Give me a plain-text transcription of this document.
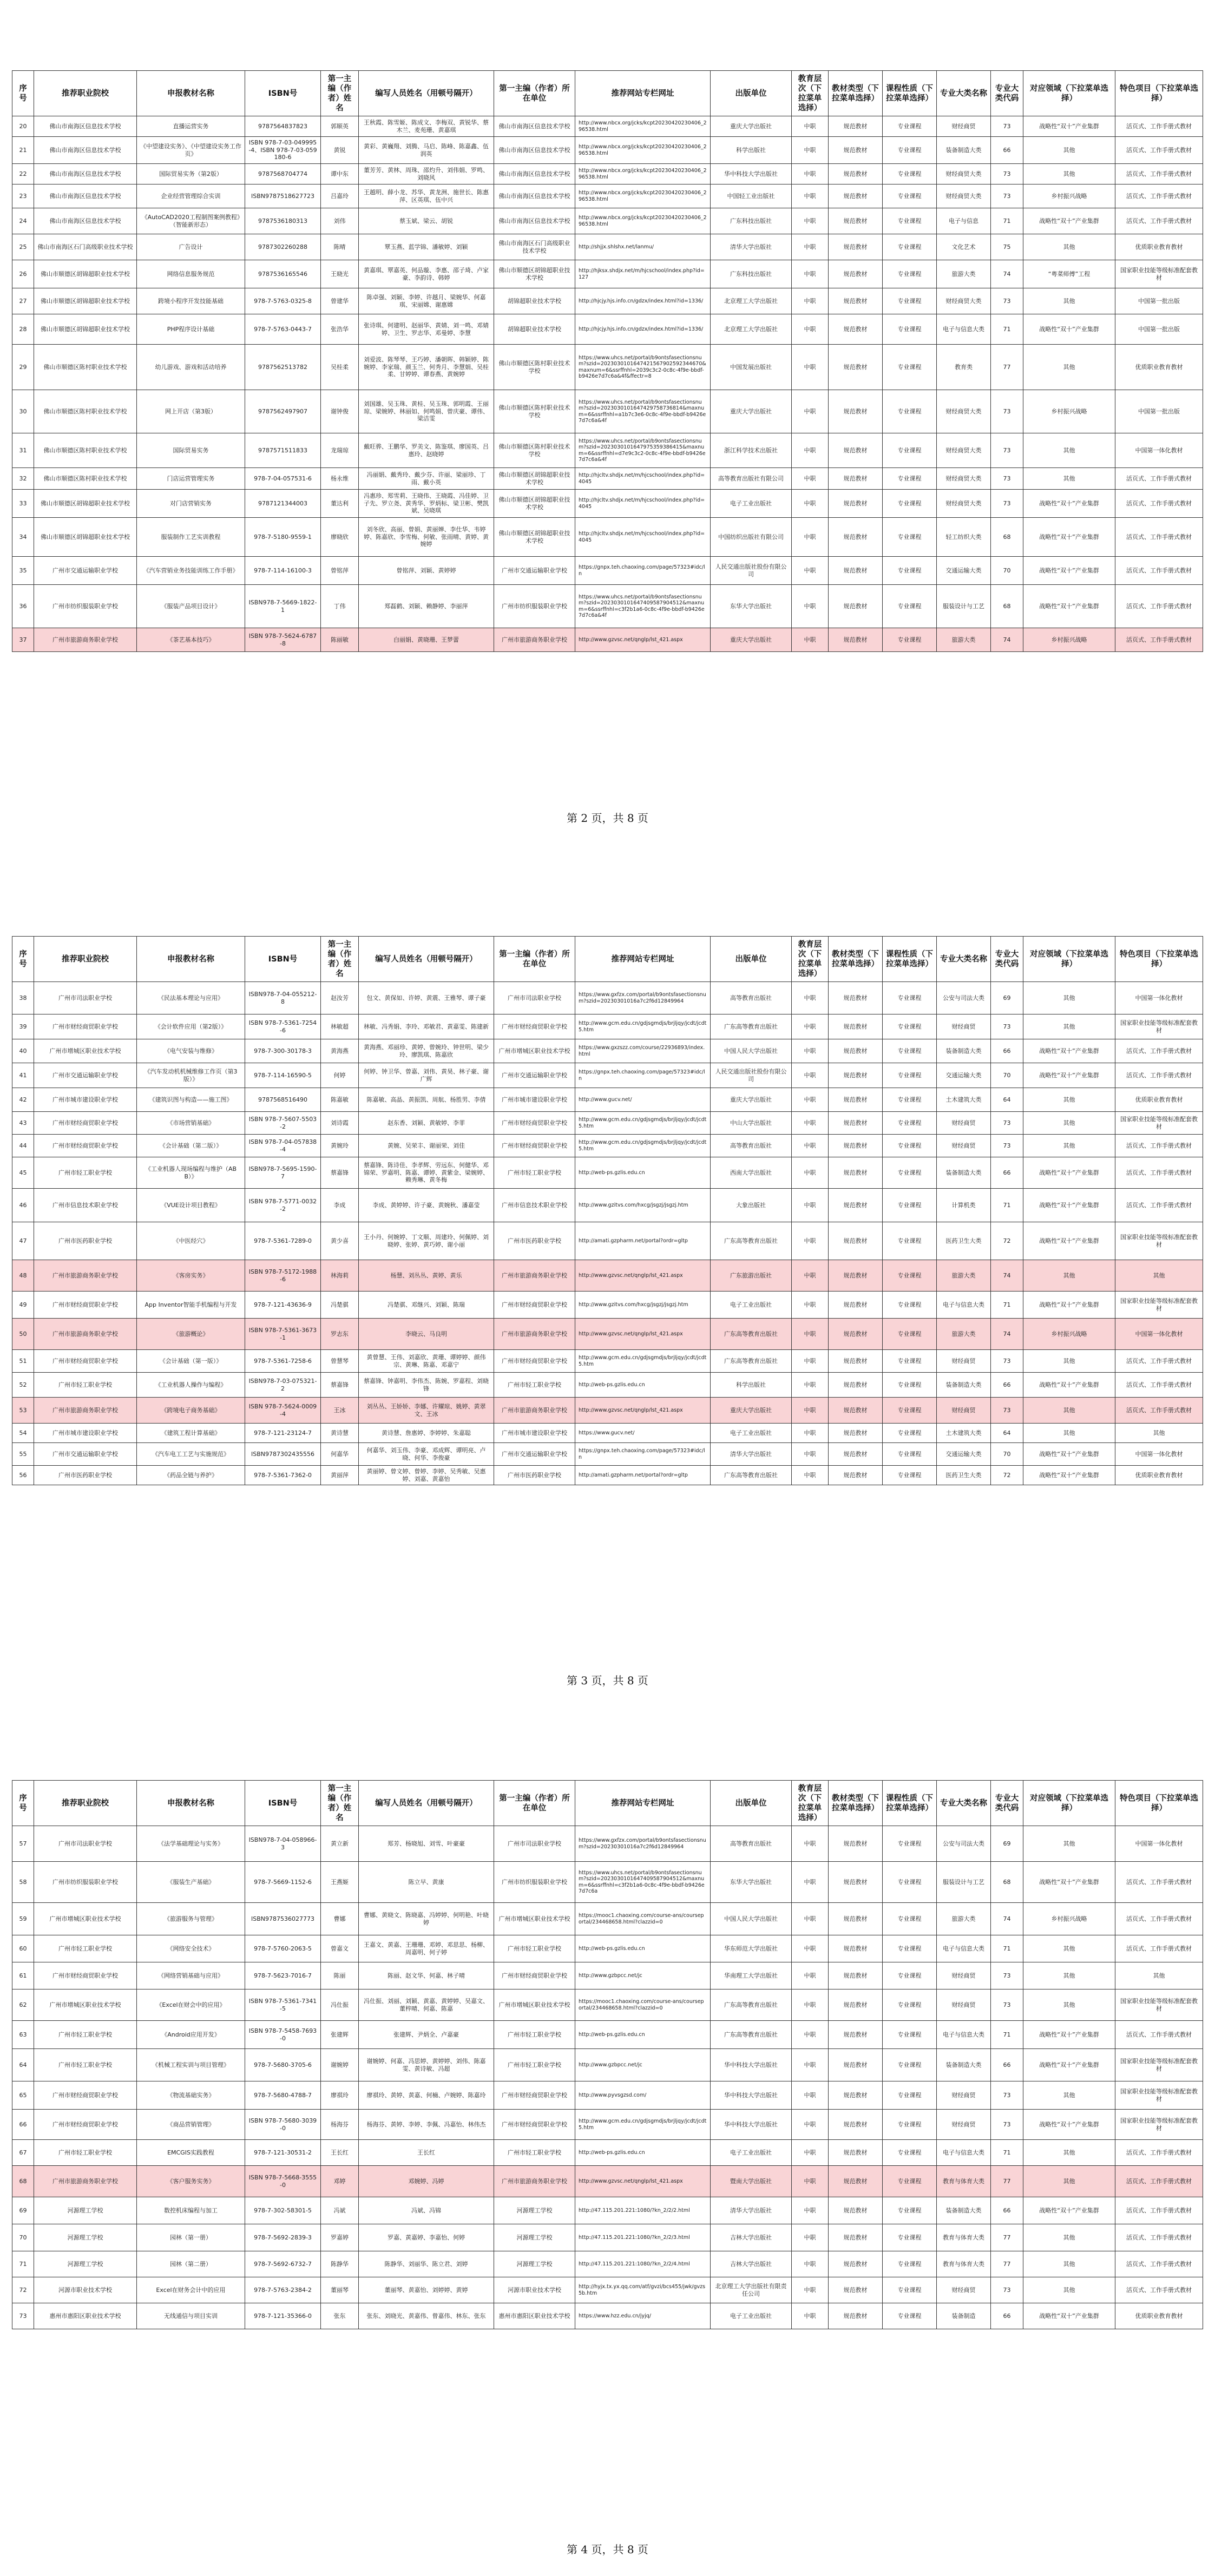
序号	推荐职业院校	申报教材名称	ISBN号	第一主编（作者）姓名	编写人员姓名（用顿号隔开）	第一主编（作者）所在单位	推荐网站专栏网址	出版单位	教育层次（下拉菜单选择）	教材类型（下拉菜单选择）	课程性质（下拉菜单选择）	专业大类名称	专业大类代码	对应领域（下拉菜单选择）	特色项目（下拉菜单选择）
20	佛山市南海区信息技术学校	直播运营实务	9787564837823	郭顺英	王秋霞、陈雪姬、陈成文、李梅双、黄锐华、蔡木兰、麦苑珊、黄嘉琪	佛山市南海区信息技术学校	http://www.nbcx.org/jcks/kcpt20230420230406_296538.html	重庆大学出版社	中职	规范教材	专业课程	财经商贸	73	战略性“双十”产业集群	活页式、工作手册式教材
21	佛山市南海区信息技术学校	《中望建设实务》、《中望建设实务工作页》	ISBN 978-7-03-049995-4、ISBN 978-7-03-059180-6	黄锐	黄彩、黄巍翔、刘腾、马启、陈峰、陈嘉鑫、伍润英	佛山市南海区信息技术学校	http://www.nbcx.org/jcks/kcpt20230420230406_296538.html	科学出版社	中职	规范教材	专业课程	装备制造大类	66	其他	活页式、工作手册式教材
22	佛山市南海区信息技术学校	国际贸易实务（第2版）	9787568704774	谭中东	董芳芳、黄林、周珠、邵灼升、刘伟娟、罗鸣、刘晓风	佛山市南海区信息技术学校	http://www.nbcx.org/jcks/kcpt20230420230406_296538.html	华中科技大学出版社	中职	规范教材	专业课程	财经商贸大类	73	其他	活页式、工作手册式教材
23	佛山市南海区信息技术学校	企业经营管理综合实训	ISBN9787518627723	吕嘉玲	王越明、薛小龙、苏华、黄龙洲、施世长、陈惠萍、区英琪、伍中兴	佛山市南海区信息技术学校	http://www.nbcx.org/jcks/kcpt20230420230406_296538.html	中国轻工业出版社	中职	规范教材	专业课程	财经商贸大类	73	乡村振兴战略	活页式、工作手册式教材
24	佛山市南海区信息技术学校	《AutoCAD2020工程制图案例教程》（智能新形态）	9787536180313	刘伟	蔡玉斌、梁云、胡锐	佛山市南海区信息技术学校	http://www.nbcx.org/jcks/kcpt20230420230406_296538.html	广东科技出版社	中职	规范教材	专业课程	电子与信息	71	战略性“双十”产业集群	活页式、工作手册式教材
25	佛山市南海区石门高级职业技术学校	广告设计	9787302260288	陈晴	覃玉燕、蓝学锦、潘敏婷、刘颖	佛山市南海区石门高级职业技术学校	http://shjjx.shlshx.net/lanmu/	清华大学出版社	中职	规范教材	专业课程	文化艺术	75	其他	优质职业教育教材
26	佛山市顺德区胡锦超职业技术学校	网络信息服务规范	9787536165546	王晓光	黄嘉琪、覃嘉英、何品璇、李惠、邵子琦、卢家豪、李韵诗、韩婷	佛山市顺德区胡锦超职业技术学校	http://hjksx.shdjx.net/m/hjcschool/index.php?id=127	广东科技出版社	中职	规范教材	专业课程	旅游大类	74	“粤菜师傅”工程	国家职业技能等级标准配套教材
27	佛山市顺德区胡锦超职业技术学校	跨境小程序开发技能基础	978-7-5763-0325-8	曾建华	陈卓强、刘颖、李婷、许越月、梁婉华、何嘉琪、宋丽嫦、谢惠嫦	胡锦超职业技术学校	http://hjcjy.hjs.info.cn/gdzx/index.html?id=1336/	北京理工大学出版社	中职	规范教材	专业课程	财经商贸大类	73	其他	中国第一批出版
28	佛山市顺德区胡锦超职业技术学校	PHP程序设计基础	978-7-5763-0443-7	张浩华	张诗琪、何建明、赵丽华、黄婧、刘一鸣、邓婧婷、卫生、罗志华、邓曼婷、李慧	胡锦超职业技术学校	http://hjcjy.hjs.info.cn/gdzx/index.html?id=1336/	北京理工大学出版社	中职	规范教材	专业课程	电子与信息大类	71	战略性“双十”产业集群	中国第一批出版
29	佛山市顺德区陈村职业技术学校	幼儿游戏、游戏和活动培养	9787562513782	吴桂柔	刘爱波、陈琴琴、王巧婷、潘朝晖、韩颖婷、陈婉婷、李家瑞、颜玉兰、何秀月、李慧娟、吴桂柔、甘婷婷、谭春燕、黄婉婷	佛山市顺德区陈村职业技术学校	https://www.uhcs.net/portal/b9ontsfasectionsnum?szid=2023030101647421567902592344670&maxnum=6&ssrffnhl=2039c3c2-0c8c-4f9e-bbdf-b9426e7d7c6a&4f&ffectr=8	中国发展出版社	中职	规范教材	专业课程	教育类	77	其他	优质职业教育教材
30	佛山市顺德区陈村职业技术学校	网上开店（第3版）	9787562497907	谢钟俊	刘国雄、吴玉珠、黄桂、吴玉珠、郭明霞、王丽琼、梁婉婷、林丽如、何鸣娟、曾庆豪、谭伟、梁洁雯	佛山市顺德区陈村职业技术学校	https://www.uhcs.net/portal/b9ontsfasectionsnum?szid=2023030101647429758736814&maxnum=6&ssrffnhl=a1b7c3e6-0c8c-4f9e-bbdf-b9426e7d7c6a&4f	重庆大学出版社	中职	规范教材	专业课程	财经商贸大类	73	乡村振兴战略	中国第一批出版
31	佛山市顺德区陈村职业技术学校	国际贸易实务	9787571511833	龙瑞琼	戴旺骅、王鹏华、罗美文、陈鉴琪、廖国英、吕惠玲、赵晓婷	佛山市顺德区陈村职业技术学校	https://www.uhcs.net/portal/b9ontsfasectionsnum?szid=2023030101647975359386415&maxnum=6&ssrffnhl=d7e9c3c2-0c8c-4f9e-bbdf-b9426e7d7c6a&4f	浙江科学技术出版社	中职	规范教材	专业课程	财经商贸大类	73	其他	中国第一体化教材
32	佛山市顺德区陈村职业技术学校	门店运营管理实务	978-7-04-057531-6	杨永维	冯丽娟、戴秀玲、戴少芬、许丽、梁丽珍、丁雨、戴小英	佛山市顺德区胡锦超职业技术学校	http://hjcltv.shdjx.net/m/hjcschool/index.php?id=4045	高等教育出版社有限公司	中职	规范教材	专业课程	财经商贸大类	73	其他	活页式、工作手册式教材
33	佛山市顺德区胡锦超职业技术学校	对门店营销实务	9787121344003	董达利	冯惠珍、郑雪莉、王晓伟、王晓霞、冯佳婷、卫子先、罗立尧、黄秀华、罗炳标、梁卫彬、樊凯斌、吴晓琪	佛山市顺德区胡锦超职业技术学校	http://hjcltv.shdjx.net/m/hjcschool/index.php?id=4045	电子工业出版社	中职	规范教材	专业课程	财经商贸大类	73	战略性“双十”产业集群	活页式、工作手册式教材
34	佛山市顺德区胡锦超职业技术学校	服装制作工艺实训教程	978-7-5180-9559-1	廖晓欣	刘冬欣、高丽、曾娟、黄丽婵、李仕华、韦婷婷、陈嘉欣、李雪梅、何敏、张雨晴、黄婷、黄婉婷	佛山市顺德区胡锦超职业技术学校	http://hjcltv.shdjx.net/m/hjcschool/index.php?id=4045	中国纺织出版社有限公司	中职	规范教材	专业课程	轻工纺织大类	68	战略性“双十”产业集群	活页式、工作手册式教材
35	广州市交通运输职业学校	《汽车营销业务技能训练工作手册》	978-7-114-16100-3	曾铭萍	曾铭萍、刘颖、黄婷婷	广州市交通运输职业学校	https://gnpx.teh.chaoxing.com/page/57323#idc/ln	人民交通出版社股份有限公司	中职	规范教材	专业课程	交通运输大类	70	战略性“双十”产业集群	活页式、工作手册式教材
36	广州市纺织服装职业学校	《服装产品项目设计》	ISBN978-7-5669-1822-1	丁伟	郑磊鹤、刘颖、赖静婷、李丽萍	广州市纺织服装职业学校	https://www.uhcs.net/portal/b9ontsfasectionsnum?szid=2023030101647409587904512&maxnum=6&ssrffnhl=c3f2b1a6-0c8c-4f9e-bbdf-b9426e7d7c6a&4f	东华大学出版社	中职	规范教材	专业课程	服装设计与工艺	68	战略性“双十”产业集群	活页式、工作手册式教材
37	广州市旅游商务职业学校	《茶艺基本技巧》	ISBN 978-7-5624-6787-8	陈丽敏	白丽娟、黄晓珊、王梦蕾	广州市旅游商务职业学校	http://www.gzvsc.net/qnglp/lst_421.aspx	重庆大学出版社	中职	规范教材	专业课程	旅游大类	74	乡村振兴战略	活页式、工作手册式教材
第 2 页，共 8 页
序号	推荐职业院校	申报教材名称	ISBN号	第一主编（作者）姓名	编写人员姓名（用顿号隔开）	第一主编（作者）所在单位	推荐网站专栏网址	出版单位	教育层次（下拉菜单选择）	教材类型（下拉菜单选择）	课程性质（下拉菜单选择）	专业大类名称	专业大类代码	对应领域（下拉菜单选择）	特色项目（下拉菜单选择）
38	广州市司法职业学校	《民法基本理论与应用》	ISBN978-7-04-055212-8	赵汝芳	包文、黄保如、许婷、黄震、王雅琴、谭子豪	广州市司法职业学校	https://www.gxfzx.com/portal/b9ontsfasectionsnum?szid=20230301016a7c2f6d12849964	高等教育出版社	中职	规范教材	专业课程	公安与司法大类	69	其他	中国第一体化教材
39	广州市财经商贸职业学校	《会计软件应用（第2版）》	ISBN 978-7-5361-7254-6	林敏超	林敏、冯秀娟、李玲、邓敏君、黄嘉雯、陈建新	广州市财经商贸职业学校	http://www.gcm.edu.cn/gdjsgmdjs/brjljqy/jcdt/jcdt5.htm	广东高等教育出版社	中职	规范教材	专业课程	财经商贸	73	其他	国家职业技能等级标准配套教材
40	广州市增城区职业技术学校	《电气安装与维修》	978-7-300-30178-3	黄海燕	黄海燕、邓丽珍、黄婷、曾婉玲、钟世明、梁少玲、廖凯琪、陈嘉欣	广州市增城区职业技术学校	https://www.gxzszz.com/course/22936893/index.html	中国人民大学出版社	中职	规范教材	专业课程	装备制造大类	66	战略性“双十”产业集群	活页式、工作手册式教材
41	广州市交通运输职业学校	《汽车发动机机械维修工作页（第3版）》	978-7-114-16590-5	何婷	何婷、钟卫华、曾嘉、刘伟、黄昊、林子豪、谢广辉	广州市交通运输职业学校	https://gnpx.teh.chaoxing.com/page/57323#idc/ln	人民交通出版社股份有限公司	中职	规范教材	专业课程	交通运输大类	70	战略性“双十”产业集群	活页式、工作手册式教材
42	广州市城市建设职业学校	《建筑识图与构造——施工图》	9787568516490	陈嘉敏	陈嘉敏、高晶、黄振凯、周航、杨胜男、李倩	广州市城市建设职业学校	http://www.gucv.net/	重庆大学出版社	中职	规范教材	专业课程	土木建筑大类	64	其他	优质职业教育教材
43	广州市财经商贸职业学校	《市场营销基础》	ISBN 978-7-5607-5503-2	刘诗霞	赵东香、刘颖、黄敏婷、李菲	广州市财经商贸职业学校	http://www.gcm.edu.cn/gdjsgmdjs/brjljqy/jcdt/jcdt5.htm	中山大学出版社	中职	规范教材	专业课程	财经商贸	73	其他	国家职业技能等级标准配套教材
44	广州市财经商贸职业学校	《会计基础（第二版）》	ISBN 978-7-04-057838-4	黄婉玲	黄婉、吴荣丰、谢丽荣、刘佳	广州市财经商贸职业学校	http://www.gcm.edu.cn/gdjsgmdjs/brjljqy/jcdt/jcdt5.htm	高等教育出版社	中职	规范教材	专业课程	财经商贸	73	其他	活页式、工作手册式教材
45	广州市轻工职业学校	《工业机器人现场编程与维护（ABB）》	ISBN978-7-5695-1590-7	蔡嘉锋	蔡嘉锋、陈诗佳、李孝辉、劳远东、何健华、邓锦荣、罗嘉明、陈嘉、谭婷、黄紫金、梁婉婷、赖秀琳、黄冬梅	广州市轻工职业学校	http://web-ps.gzlis.edu.cn	西南大学出版社	中职	规范教材	专业课程	装备制造大类	66	战略性“双十”产业集群	活页式、工作手册式教材
46	广州市信息技术职业学校	《VUE设计项目教程》	ISBN 978-7-5771-0032-2	李成	李成、黄婷婷、许子豪、黄婉秋、潘嘉莹	广州市信息技术职业学校	http://www.gzitvs.com/hxcg/jsgzj/jsgzj.htm	大象出版社	中职	规范教材	专业课程	计算机类	71	战略性“双十”产业集群	活页式、工作手册式教材
47	广州市医药职业学校	《中医经穴》	978-7-5361-7289-0	黄少喜	王小丹、何婉婷、丁文顺、周建玲、何佩婷、刘晓婷、张婷、黄巧婷、谢小丽	广州市医药职业学校	http://amati.gzpharm.net/portal?ordr=gltp	广东高等教育出版社	中职	规范教材	专业课程	医药卫生大类	72	战略性“双十”产业集群	国家职业技能等级标准配套教材
48	广州市旅游商务职业学校	《客房实务》	ISBN 978-7-5172-1988-6	林海莉	杨慧、刘丛丛、黄婷、黄乐	广州市旅游商务职业学校	http://www.gzvsc.net/qnglp/lst_421.aspx	广东旅游出版社	中职	规范教材	专业课程	旅游大类	74	其他	其他
49	广州市财经商贸职业学校	App Inventor智能手机编程与开发	978-7-121-43636-9	冯楚骐	冯楚骐、邓继兴、刘颖、陈瑞	广州市财经商贸职业学校	http://www.gzitvs.com/hxcg/jsgzj/jsgzj.htm	电子工业出版社	中职	规范教材	专业课程	电子与信息大类	71	战略性“双十”产业集群	国家职业技能等级标准配套教材
50	广州市旅游商务职业学校	《旅游概论》	ISBN 978-7-5361-3673-1	罗志东	李晓云、马良明	广州市旅游商务职业学校	http://www.gzvsc.net/qnglp/lst_421.aspx	广东高等教育出版社	中职	规范教材	专业课程	旅游大类	74	乡村振兴战略	中国第一体化教材
51	广州市财经商贸职业学校	《会计基础（第一版）》	978-7-5361-7258-6	曾慧琴	黄曾慧、王伟、刘嘉欣、黄珊、谭婷婷、颜伟宗、黄琳、陈嘉、邓嘉宁	广州市财经商贸职业学校	http://www.gcm.edu.cn/gdjsgmdjs/brjljqy/jcdt/jcdt5.htm	广东高等教育出版社	中职	规范教材	专业课程	财经商贸	73	其他	活页式、工作手册式教材
52	广州市轻工职业学校	《工业机器人操作与编程》	ISBN978-7-03-075321-2	蔡嘉锋	蔡嘉锋、钟嘉明、李伟杰、陈婉、罗嘉程、刘晓锋	广州市轻工职业学校	http://web-ps.gzlis.edu.cn	科学出版社	中职	规范教材	专业课程	装备制造大类	66	战略性“双十”产业集群	活页式、工作手册式教材
53	广州市旅游商务职业学校	《跨境电子商务基础》	ISBN 978-7-5624-0009-4	王冰	刘丛丛、王娇娇、李娜、许耀琼、姚婷、黄翠文、王冰	广州市旅游商务职业学校	http://www.gzvsc.net/qnglp/lst_421.aspx	重庆大学出版社	中职	规范教材	专业课程	财经商贸	73	其他	活页式、工作手册式教材
54	广州市城市建设职业学校	《建筑工程计算基础》	978-7-121-23124-7	黄诗慧	黄诗慧、詹惠婷、李婷婷、朱嘉聪	广州市城市建设职业学校	https://www.gucv.net/	电子工业出版社	中职	规范教材	专业课程	土木建筑大类	64	其他	其他
55	广州市交通运输职业学校	《汽车电工工艺与实施规范》	ISBN9787302435556	何嘉华	何嘉华、刘玉伟、李豪、邓成辉、谭明亮、卢晓、何华、李俊豪	广州市交通运输职业学校	https://gnpx.teh.chaoxing.com/page/57323#idc/ln	清华大学出版社	中职	规范教材	专业课程	交通运输大类	70	战略性“双十”产业集群	中国第一体化教材
56	广州市医药职业学校	《药品全链与养护》	978-7-5361-7362-0	黄丽萍	黄丽婷、曾文婷、曾婷、李婷、吴秀敏、吴惠婷、刘嘉、黄嘉怡	广州市医药职业学校	http://amati.gzpharm.net/portal?ordr=gltp	广东高等教育出版社	中职	规范教材	专业课程	医药卫生大类	72	战略性“双十”产业集群	优质职业教育教材
第 3 页，共 8 页
序号	推荐职业院校	申报教材名称	ISBN号	第一主编（作者）姓名	编写人员姓名（用顿号隔开）	第一主编（作者）所在单位	推荐网站专栏网址	出版单位	教育层次（下拉菜单选择）	教材类型（下拉菜单选择）	课程性质（下拉菜单选择）	专业大类名称	专业大类代码	对应领域（下拉菜单选择）	特色项目（下拉菜单选择）
57	广州市司法职业学校	《法学基础理论与实务》	ISBN978-7-04-058966-3	黄立新	郑芳、杨晓旭、刘雪、叶豪豪	广州市司法职业学校	https://www.gxfzx.com/portal/b9ontsfasectionsnum?szid=20230301016a7c2f6d12849964	高等教育出版社	中职	规范教材	专业课程	公安与司法大类	69	其他	中国第一体化教材
58	广州市纺织服装职业学校	《服装生产基础》	978-7-5669-1152-6	王燕姬	陈立早、黄康	广州市纺织服装职业学校	https://www.uhcs.net/portal/b9ontsfasectionsnum?szid=2023030101647409587904512&maxnum=6&ssrffnhl=c3f2b1a6-0c8c-4f9e-bbdf-b9426e7d7c6a	东华大学出版社	中职	规范教材	专业课程	服装设计与工艺	68	战略性“双十”产业集群	活页式、工作手册式教材
59	广州市增城区职业技术学校	《旅游服务与管理》	ISBN9787536027773	曹娜	曹娜、黄晓文、陈晓嘉、冯婷婷、何明艳、叶晓婷	广州市增城区职业技术学校	https://mooc1.chaoxing.com/course-ans/courseportal/234468658.html?clazzid=0	中国人民大学出版社	中职	规范教材	专业课程	旅游大类	74	乡村振兴战略	活页式、工作手册式教材
60	广州市轻工职业学校	《网络安全技术》	978-7-5760-2063-5	曾嘉文	王嘉文、黄嘉、王珊珊、邓婷、邓思思、杨柳、周嘉明、何子婷	广州市轻工职业学校	http://web-ps.gzlis.edu.cn	华东师范大学出版社	中职	规范教材	专业课程	电子与信息大类	71	其他	活页式、工作手册式教材
61	广州市财经商贸职业学校	《网络营销基础与应用》	978-7-5623-7016-7	陈丽	陈丽、赵文华、何嘉、林子晴	广州市财经商贸职业学校	http://www.gzbpcc.net/jc	华南理工大学出版社	中职	规范教材	专业课程	财经商贸	73	其他	其他
62	广州市增城区职业技术学校	《Excel在财会中的应用》	ISBN 978-7-5361-7341-5	冯仕振	冯仕振、刘丽、刘颖、黄嘉、黄婷婷、吴嘉文、董梓晴、何嘉、陈嘉	广州市增城区职业技术学校	https://mooc1.chaoxing.com/course-ans/courseportal/234468658.html?clazzid=0	广东高等教育出版社	中职	规范教材	专业课程	财经商贸	73	其他	国家职业技能等级标准配套教材
63	广州市轻工职业学校	《Android应用开发》	ISBN 978-7-5458-7693-0	张建辉	张建辉、尹炳全、卢嘉豪	广州市轻工职业学校	http://web-ps.gzlis.edu.cn	广东高等教育出版社	中职	规范教材	专业课程	电子与信息大类	71	战略性“双十”产业集群	活页式、工作手册式教材
64	广州市轻工职业学校	《机械工程实训与项目管理》	978-7-5680-3705-6	谢婉婷	谢婉婷、何嘉、冯思婷、黄婷婷、刘伟、陈嘉雯、黄诗敏、冯超	广州市轻工职业学校	http://www.gzbpcc.net/jc	华中科技大学出版社	中职	规范教材	专业课程	装备制造大类	66	战略性“双十”产业集群	国家职业技能等级标准配套教材
65	广州市财经商贸职业学校	《物流基础实务》	978-7-5680-4788-7	廖祺玲	廖祺玲、黄婷、黄嘉、何楠、卢婉婷、陈嘉玲	广州市财经商贸职业学校	http://www.pyvsgzsd.com/	华中科技大学出版社	中职	规范教材	专业课程	财经商贸	73	其他	国家职业技能等级标准配套教材
66	广州市财经商贸职业学校	《商品营销管理》	ISBN 978-7-5680-3039-0	杨海芬	杨海芬、黄婷、李婷、李佩、冯嘉怡、林伟杰	广州市财经商贸职业学校	http://www.gcm.edu.cn/gdjsgmdjs/brjljqy/jcdt/jcdt5.htm	华中科技大学出版社	中职	规范教材	专业课程	财经商贸	73	战略性“双十”产业集群	国家职业技能等级标准配套教材
67	广州市轻工职业学校	EMCGIS实践教程	978-7-121-30531-2	王长红	王长红	广州市轻工职业学校	http://web-ps.gzlis.edu.cn	电子工业出版社	中职	规范教材	专业课程	电子与信息大类	71	其他	活页式、工作手册式教材
68	广州市旅游商务职业学校	《客户服务实务》	ISBN 978-7-5668-3555-0	邓婷	邓婉婷、冯婷	广州市旅游商务职业学校	http://www.gzvsc.net/qnglp/lst_421.aspx	暨南大学出版社	中职	规范教材	专业课程	教育与体育大类	77	其他	活页式、工作手册式教材
69	河源理工学校	数控机床编程与加工	978-7-302-58301-5	冯斌	冯斌、冯锦	河源理工学校	http://47.115.201.221:1080/?kn_2/2/2.html	清华大学出版社	中职	规范教材	专业课程	装备制造大类	66	战略性“双十”产业集群	活页式、工作手册式教材
70	河源理工学校	园林（第一册）	978-7-5692-2839-3	罗嘉婷	罗嘉、黄嘉婷、李嘉怡、何婷	河源理工学校	http://47.115.201.221:1080/?kn_2/2/3.html	吉林大学出版社	中职	规范教材	专业课程	教育与体育大类	77	其他	活页式、工作手册式教材
71	河源理工学校	园林（第二册）	978-7-5692-6732-7	陈静华	陈静华、刘丽华、陈立君、刘婷	河源理工学校	http://47.115.201.221:1080/?kn_2/2/4.html	吉林大学出版社	中职	规范教材	专业课程	教育与体育大类	77	其他	活页式、工作手册式教材
72	河源市职业技术学校	Excel在财务会计中的应用	978-7-5763-2384-2	董丽琴	董丽琴、黄嘉怡、刘婷婷、黄婷	河源市职业技术学校	http://hyjx.tx.yx.qq.com/atf/gvzi/bcs455/jwk/gvzs5b.htm	北京理工大学出版社有限责任公司	中职	规范教材	专业课程	财经商贸	73	其他	活页式、工作手册式教材
73	惠州市惠阳区职业技术学校	无线通信与项目实训	978-7-121-35366-0	张东	张东、刘晓光、黄嘉伟、曾嘉伟、林东、张东	惠州市惠阳区职业技术学校	https://www.hzz.edu.cn/jyjq/	电子工业出版社	中职	规范教材	专业课程	装备制造	66	战略性“双十”产业集群	优质职业教育教材
第 4 页，共 8 页
